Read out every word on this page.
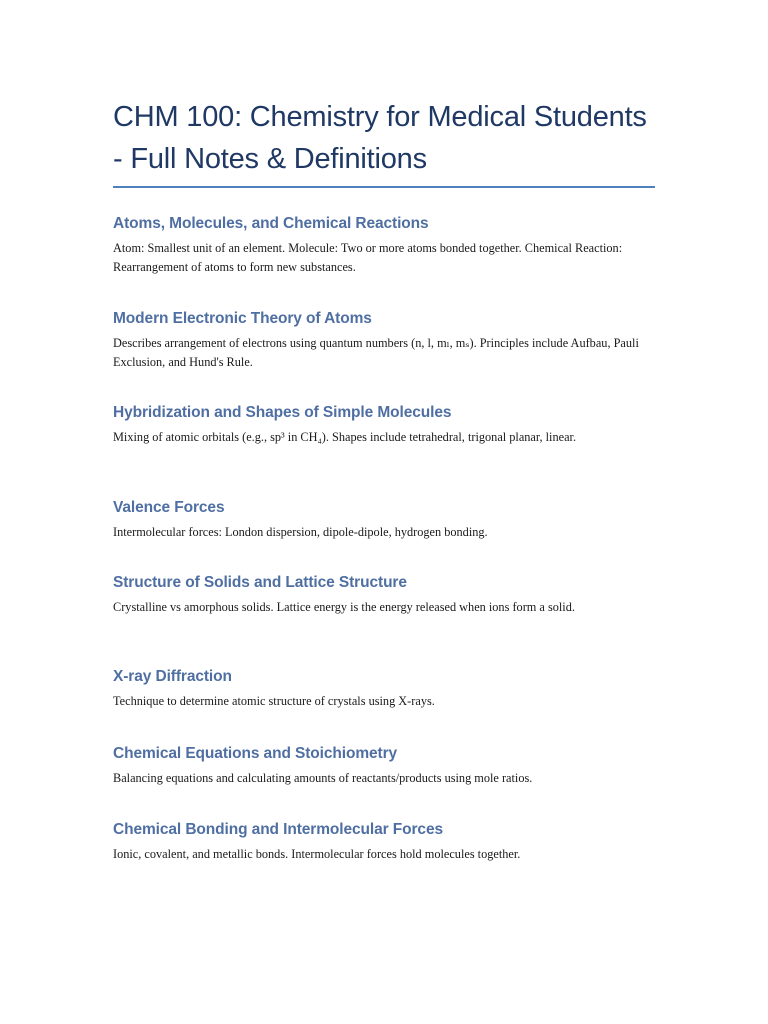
CHM 100: Chemistry for Medical Students - Full Notes & Definitions
Atoms, Molecules, and Chemical Reactions

Atom: Smallest unit of an element. Molecule: Two or more atoms bonded together. Chemical Reaction: Rearrangement of atoms to form new substances.

Modern Electronic Theory of Atoms

Describes arrangement of electrons using quantum numbers (n, l, mₗ, mₛ). Principles include Aufbau, Pauli Exclusion, and Hund's Rule.

Hybridization and Shapes of Simple Molecules

Mixing of atomic orbitals (e.g., sp³ in CH₄). Shapes include tetrahedral, trigonal planar, linear.

Valence Forces

Intermolecular forces: London dispersion, dipole-dipole, hydrogen bonding.

Structure of Solids and Lattice Structure

Crystalline vs amorphous solids. Lattice energy is the energy released when ions form a solid.

X-ray Diffraction

Technique to determine atomic structure of crystals using X-rays.

Chemical Equations and Stoichiometry

Balancing equations and calculating amounts of reactants/products using mole ratios.

Chemical Bonding and Intermolecular Forces

Ionic, covalent, and metallic bonds. Intermolecular forces hold molecules together.
